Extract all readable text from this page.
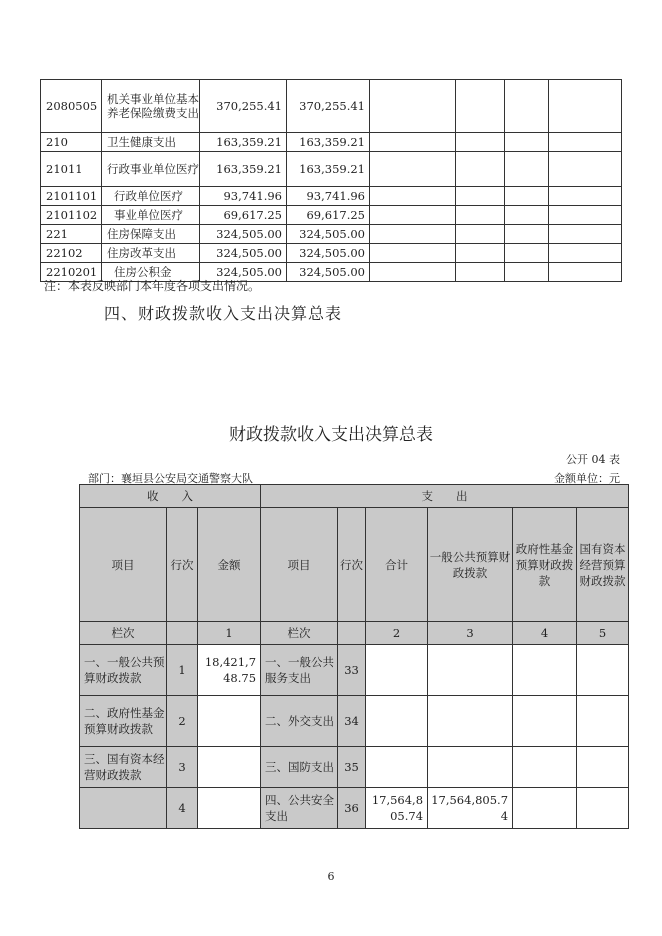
2080505	机关事业单位基本养老保险缴费支出	370,255.41	370,255.41				
210	卫生健康支出	163,359.21	163,359.21				
21011	行政事业单位医疗	163,359.21	163,359.21				
2101101	行政单位医疗	93,741.96	93,741.96				
2101102	事业单位医疗	69,617.25	69,617.25				
221	住房保障支出	324,505.00	324,505.00				
22102	住房改革支出	324,505.00	324,505.00				
2210201	住房公积金	324,505.00	324,505.00				
注：本表反映部门本年度各项支出情况。
四、财政拨款收入支出决算总表
财政拨款收入支出决算总表
公开 04 表
部门：襄垣县公安局交通警察大队	金额单位：元
收　　入			支　　出					
项目	行次	金额	项目	行次	合计	一般公共预算财政拨款	政府性基金预算财政拨款	国有资本经营预算财政拨款
栏次		1	栏次		2	3	4	5
一、一般公共预算财政拨款	1	18,421,748.75	一、一般公共服务支出	33				
二、政府性基金预算财政拨款	2		二、外交支出	34				
三、国有资本经营财政拨款	3		三、国防支出	35				
	4		四、公共安全支出	36	17,564,805.74	17,564,805.74		
6
